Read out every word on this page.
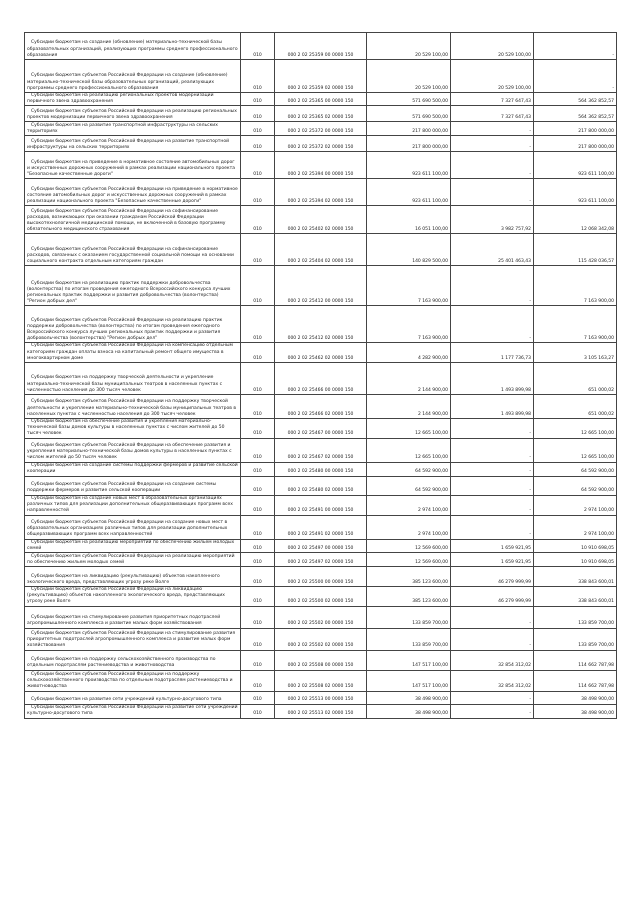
Субсидии бюджетам на создание (обновление) материально-технической базы образовательных организаций, реализующих программы среднего профессионального образования	010	000 2 02 25359 00 0000 150	20 529 100,00	20 529 100,00	-
Субсидии бюджетам субъектов Российской Федерации на создание (обновление) материально-технической базы образовательных организаций, реализующих программы среднего профессионального образования	010	000 2 02 25359 02 0000 150	20 529 100,00	20 529 100,00	-
Субсидии бюджетам на реализацию региональных проектов модернизации первичного звена здравоохранения	010	000 2 02 25365 00 0000 150	571 690 500,00	7 327 647,43	564 362 852,57
Субсидии бюджетам субъектов Российской Федерации на реализацию региональных проектов модернизации первичного звена здравоохранения	010	000 2 02 25365 02 0000 150	571 690 500,00	7 327 647,43	564 362 852,57
Субсидии бюджетам на развитие транспортной инфраструктуры на сельских территориях	010	000 2 02 25372 00 0000 150	217 800 000,00	-	217 800 000,00
Субсидии бюджетам субъектов Российской Федерации на развитие транспортной инфраструктуры на сельских территориях	010	000 2 02 25372 02 0000 150	217 800 000,00	-	217 800 000,00
Субсидии бюджетам на приведение в нормативное состояние автомобильных дорог и искусственных дорожных сооружений в рамках реализации национального проекта "Безопасные качественные дороги"	010	000 2 02 25394 00 0000 150	923 611 100,00	-	923 611 100,00
Субсидии бюджетам субъектов Российской Федерации на приведение в нормативное состояние автомобильных дорог и искусственных дорожных сооружений в рамках реализации национального проекта "Безопасные качественные дороги"	010	000 2 02 25394 02 0000 150	923 611 100,00	-	923 611 100,00
Субсидии бюджетам субъектов Российской Федерации на софинансирование расходов, возникающих при оказании гражданам Российской Федерации высокотехнологичной медицинской помощи, не включенной в базовую программу обязательного медицинского страхования	010	000 2 02 25402 02 0000 150	16 051 100,00	3 982 757,92	12 068 342,08
Субсидии бюджетам субъектов Российской Федерации на софинансирование расходов, связанных с оказанием государственной социальной помощи на основании социального контракта отдельным категориям граждан	010	000 2 02 25404 02 0000 150	140 829 500,00	25 401 463,43	115 428 036,57
Субсидии бюджетам на реализацию практик поддержки добровольчества (волонтерства) по итогам проведения ежегодного Всероссийского конкурса лучших региональных практик поддержки и развития добровольчества (волонтерства) "Регион добрых дел"	010	000 2 02 25412 00 0000 150	7 163 900,00	-	7 163 900,00
Субсидии бюджетам субъектов Российской Федерации на реализацию практик поддержки добровольчества (волонтерства) по итогам проведения ежегодного Всероссийского конкурса лучших региональных практик поддержки и развития добровольчества (волонтерства) "Регион добрых дел"	010	000 2 02 25412 02 0000 150	7 163 900,00	-	7 163 900,00
Субсидии бюджетам субъектов Российской Федерации на компенсацию отдельным категориям граждан оплаты взноса на капитальный ремонт общего имущества в многоквартирном доме	010	000 2 02 25462 02 0000 150	4 282 900,00	1 177 736,73	3 105 163,27
Субсидии бюджетам на поддержку творческой деятельности и укрепление материально-технической базы муниципальных театров в населенных пунктах с численностью населения до 300 тысяч человек	010	000 2 02 25466 00 0000 150	2 144 900,00	1 493 899,98	651 000,02
Субсидии бюджетам субъектов Российской Федерации на поддержку творческой деятельности и укрепление материально-технической базы муниципальных театров в населенных пунктах с численностью населения до 300 тысяч человек	010	000 2 02 25466 02 0000 150	2 144 900,00	1 493 899,98	651 000,02
Субсидии бюджетам на обеспечение развития и укрепления материально-технической базы домов культуры в населенных пунктах с числом жителей до 50 тысяч человек	010	000 2 02 25467 00 0000 150	12 665 100,00	-	12 665 100,00
Субсидии бюджетам субъектов Российской Федерации на обеспечение развития и укрепления материально-технической базы домов культуры в населенных пунктах с числом жителей до 50 тысяч человек	010	000 2 02 25467 02 0000 150	12 665 100,00	-	12 665 100,00
Субсидии бюджетам на создание системы поддержки фермеров и развитие сельской кооперации	010	000 2 02 25480 00 0000 150	64 592 900,00	-	64 592 900,00
Субсидии бюджетам субъектов Российской Федерации на создание системы поддержки фермеров и развитие сельской кооперации	010	000 2 02 25480 02 0000 150	64 592 900,00	-	64 592 900,00
Субсидии бюджетам на создание новых мест в образовательных организациях различных типов для реализации дополнительных общеразвивающих программ всех направленностей	010	000 2 02 25491 00 0000 150	2 974 100,00	-	2 974 100,00
Субсидии бюджетам субъектов Российской Федерации на создание новых мест в образовательных организациях различных типов для реализации дополнительных общеразвивающих программ всех направленностей	010	000 2 02 25491 02 0000 150	2 974 100,00	-	2 974 100,00
Субсидии бюджетам на реализацию мероприятий по обеспечению жильем молодых семей	010	000 2 02 25497 00 0000 150	12 569 600,00	1 659 921,95	10 910 698,05
Субсидии бюджетам субъектов Российской Федерации на реализацию мероприятий по обеспечению жильем молодых семей	010	000 2 02 25497 02 0000 150	12 569 600,00	1 659 921,95	10 910 698,05
Субсидии бюджетам на ликвидацию (рекультивацию) объектов накопленного экологического вреда, представляющих угрозу реке Волге	010	000 2 02 25500 00 0000 150	385 123 600,00	46 279 999,99	338 843 600,01
Субсидии бюджетам субъектов Российской Федерации на ликвидацию (рекультивацию) объектов накопленного экологического вреда, представляющих угрозу реке Волге	010	000 2 02 25500 02 0000 150	385 123 600,00	46 279 999,99	338 843 600,01
Субсидии бюджетам на стимулирование развития приоритетных подотраслей агропромышленного комплекса и развитие малых форм хозяйствования	010	000 2 02 25502 00 0000 150	133 859 700,00	-	133 859 700,00
Субсидии бюджетам субъектов Российской Федерации на стимулирование развития приоритетных подотраслей агропромышленного комплекса и развитие малых форм хозяйствования	010	000 2 02 25502 02 0000 150	133 859 700,00	-	133 859 700,00
Субсидии бюджетам на поддержку сельскохозяйственного производства по отдельным подотраслям растениеводства и животноводства	010	000 2 02 25508 00 0000 150	147 517 100,00	32 854 312,02	114 662 787,98
Субсидии бюджетам субъектов Российской Федерации на поддержку сельскохозяйственного производства по отдельным подотраслям растениеводства и животноводства	010	000 2 02 25508 02 0000 150	147 517 100,00	32 854 312,02	114 662 787,98
Субсидии бюджетам на развитие сети учреждений культурно-досугового типа	010	000 2 02 25513 00 0000 150	38 498 900,00	-	38 498 900,00
Субсидии бюджетам субъектов Российской Федерации на развитие сети учреждений культурно-досугового типа	010	000 2 02 25513 02 0000 150	38 498 900,00	-	38 498 900,00
